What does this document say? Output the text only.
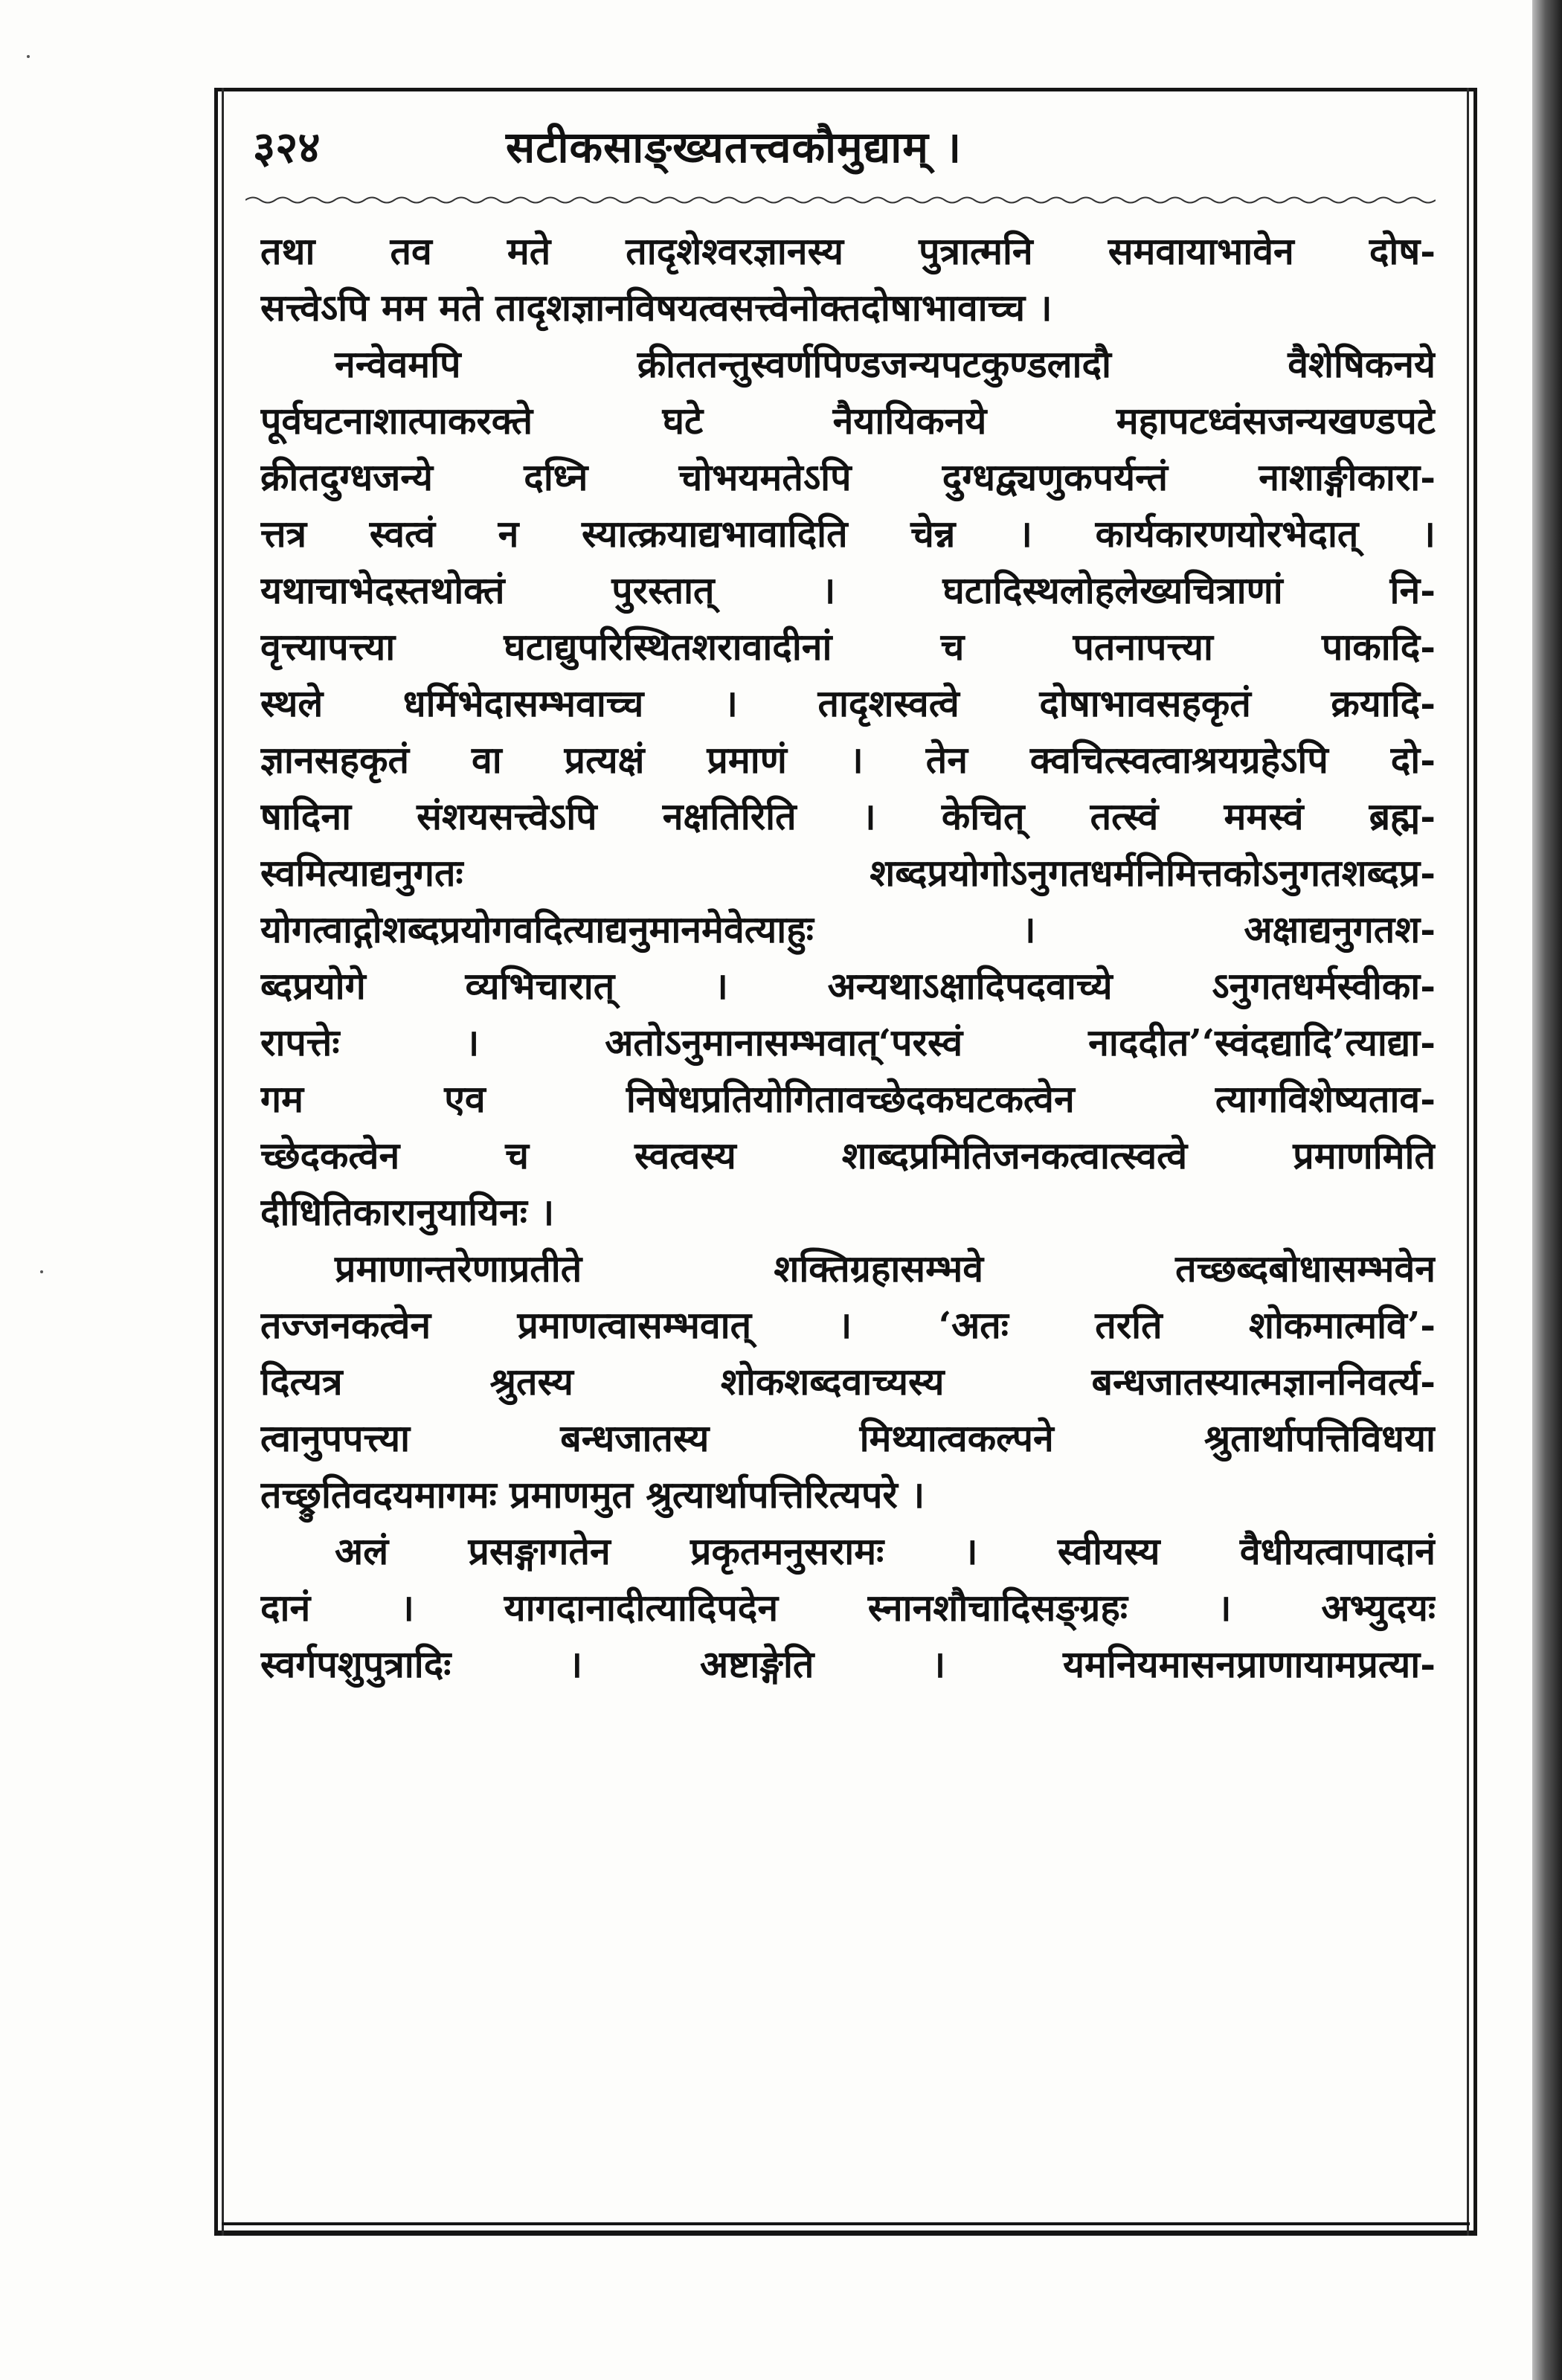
३२४	सटीकसाङ्ख्यतत्त्वकौमुद्याम् ।
तथा तव मते तादृशेश्वरज्ञानस्य पुत्रात्मनि समवायाभावेन दोष-
सत्त्वेऽपि मम मते तादृशज्ञानविषयत्वसत्त्वेनोक्तदोषाभावाच्च ।
नन्वेवमपि क्रीततन्तुस्वर्णपिण्डजन्यपटकुण्डलादौ वैशेषिकनये
पूर्वघटनाशात्पाकरक्ते घटे नैयायिकनये महापटध्वंसजन्यखण्डपटे
क्रीतदुग्धजन्ये दध्नि चोभयमतेऽपि दुग्धद्व्यणुकपर्यन्तं नाशाङ्गीकारा-
त्तत्र स्वत्वं न स्यात्क्रयाद्यभावादिति चेन्न । कार्यकारणयोरभेदात् ।
यथाचाभेदस्तथोक्तं पुरस्तात् । घटादिस्थलोहलेख्यचित्राणां नि-
वृत्त्यापत्त्या घटाद्युपरिस्थितशरावादीनां च पतनापत्त्या पाकादि-
स्थले धर्मिभेदासम्भवाच्च । तादृशस्वत्वे दोषाभावसहकृतं क्रयादि-
ज्ञानसहकृतं वा प्रत्यक्षं प्रमाणं । तेन क्वचित्स्वत्वाश्रयग्रहेऽपि दो-
षादिना संशयसत्त्वेऽपि नक्षतिरिति । केचित् तत्स्वं ममस्वं ब्रह्म-
स्वमित्याद्यनुगतः शब्दप्रयोगोऽनुगतधर्मनिमित्तकोऽनुगतशब्दप्र-
योगत्वाद्गोशब्दप्रयोगवदित्याद्यनुमानमेवेत्याहुः । अक्षाद्यनुगतश-
ब्दप्रयोगे व्यभिचारात् । अन्यथाऽक्षादिपदवाच्ये ऽनुगतधर्मस्वीका-
रापत्तेः । अतोऽनुमानासम्भवात्‘परस्वं नाददीत’‘स्वंदद्यादि’त्याद्या-
गम एव निषेधप्रतियोगितावच्छेदकघटकत्वेन त्यागविशेष्यताव-
च्छेदकत्वेन च स्वत्वस्य शाब्दप्रमितिजनकत्वात्स्वत्वे प्रमाणमिति
दीधितिकारानुयायिनः ।
प्रमाणान्तरेणाप्रतीते शक्तिग्रहासम्भवे तच्छब्दबोधासम्भवेन
तज्जनकत्वेन प्रमाणत्वासम्भवात् । ‘अतः तरति शोकमात्मवि’-
दित्यत्र श्रुतस्य शोकशब्दवाच्यस्य बन्धजातस्यात्मज्ञाननिवर्त्य-
त्वानुपपत्त्या बन्धजातस्य मिथ्यात्वकल्पने श्रुतार्थापत्तिविधया
तच्छ्रुतिवदयमागमः प्रमाणमुत श्रुत्यार्थापत्तिरित्यपरे ।
अलं प्रसङ्गागतेन प्रकृतमनुसरामः । स्वीयस्य वैधीयत्वापादानं
दानं । यागदानादीत्यादिपदेन स्नानशौचादिसङ्ग्रहः । अभ्युदयः
स्वर्गपशुपुत्रादिः । अष्टाङ्गेति । यमनियमासनप्राणायामप्रत्या-
